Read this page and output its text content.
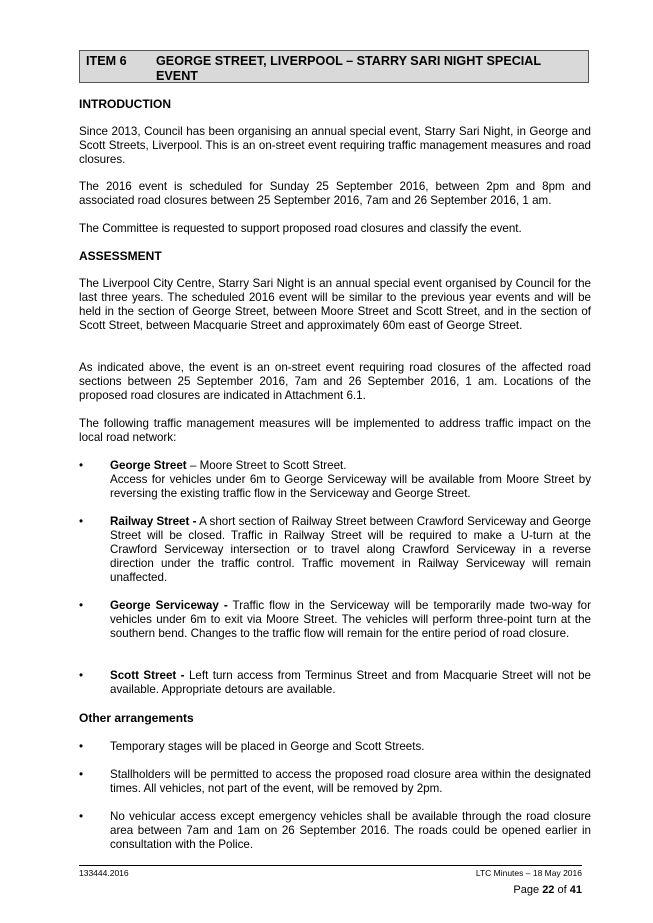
ITEM 6 GEORGE STREET, LIVERPOOL – STARRY SARI NIGHT SPECIAL EVENT
INTRODUCTION
Since 2013, Council has been organising an annual special event, Starry Sari Night, in George and Scott Streets, Liverpool. This is an on-street event requiring traffic management measures and road closures.
The 2016 event is scheduled for Sunday 25 September 2016, between 2pm and 8pm and associated road closures between 25 September 2016, 7am and 26 September 2016, 1 am.
The Committee is requested to support proposed road closures and classify the event.
ASSESSMENT
The Liverpool City Centre, Starry Sari Night is an annual special event organised by Council for the last three years. The scheduled 2016 event will be similar to the previous year events and will be held in the section of George Street, between Moore Street and Scott Street, and in the section of Scott Street, between Macquarie Street and approximately 60m east of George Street.
As indicated above, the event is an on-street event requiring road closures of the affected road sections between 25 September 2016, 7am and 26 September 2016, 1 am. Locations of the proposed road closures are indicated in Attachment 6.1.
The following traffic management measures will be implemented to address traffic impact on the local road network:
• George Street – Moore Street to Scott Street.
Access for vehicles under 6m to George Serviceway will be available from Moore Street by reversing the existing traffic flow in the Serviceway and George Street.
• Railway Street - A short section of Railway Street between Crawford Serviceway and George Street will be closed. Traffic in Railway Street will be required to make a U-turn at the Crawford Serviceway intersection or to travel along Crawford Serviceway in a reverse direction under the traffic control. Traffic movement in Railway Serviceway will remain unaffected.
• George Serviceway - Traffic flow in the Serviceway will be temporarily made two-way for vehicles under 6m to exit via Moore Street. The vehicles will perform three-point turn at the southern bend. Changes to the traffic flow will remain for the entire period of road closure.
• Scott Street - Left turn access from Terminus Street and from Macquarie Street will not be available. Appropriate detours are available.
Other arrangements
• Temporary stages will be placed in George and Scott Streets.
• Stallholders will be permitted to access the proposed road closure area within the designated times. All vehicles, not part of the event, will be removed by 2pm.
• No vehicular access except emergency vehicles shall be available through the road closure area between 7am and 1am on 26 September 2016. The roads could be opened earlier in consultation with the Police.
133444.2016	LTC Minutes – 18 May 2016
Page 22 of 41
